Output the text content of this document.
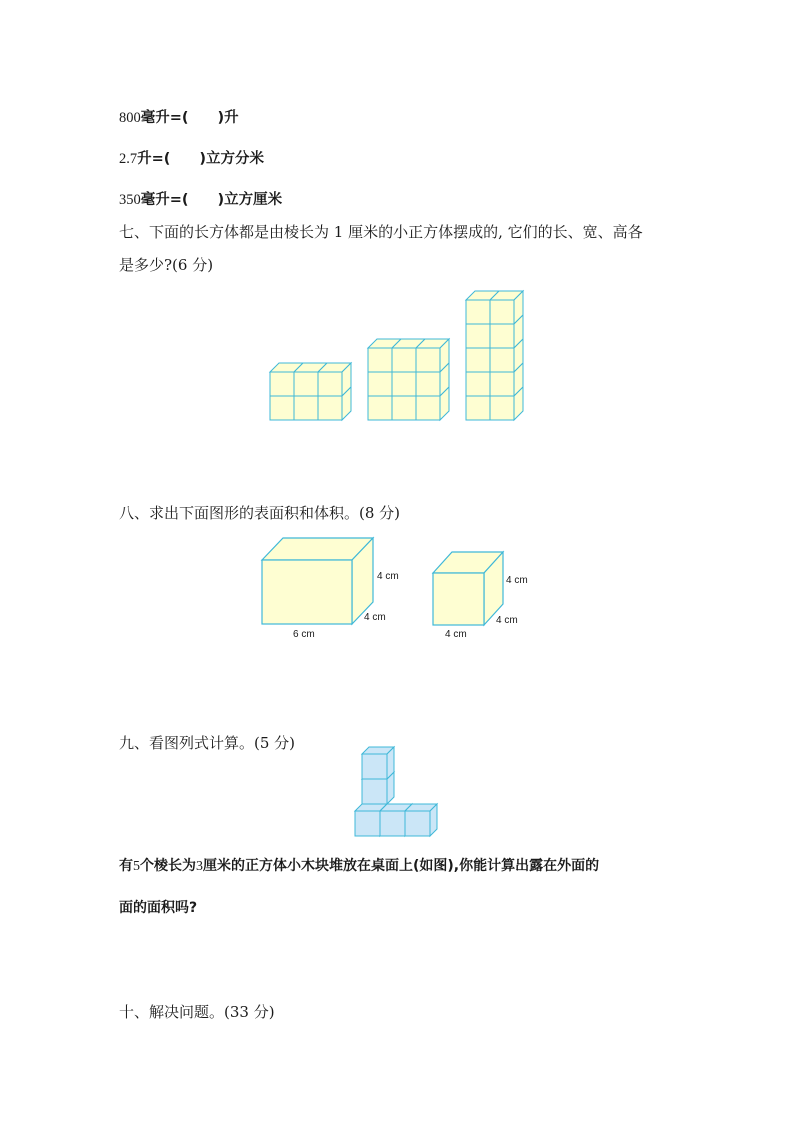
800毫升=(　　)升
2.7升=(　　)立方分米
350毫升=(　　)立方厘米
七、下面的长方体都是由棱长为 1 厘米的小正方体摆成的, 它们的长、宽、高各
是多少?(6 分)
八、求出下面图形的表面积和体积。(8 分)
4 cm
4 cm
6 cm
4 cm
4 cm
4 cm
九、看图列式计算。(5 分)
有5个棱长为3厘米的正方体小木块堆放在桌面上(如图),你能计算出露在外面的
面的面积吗?
十、解决问题。(33 分)
